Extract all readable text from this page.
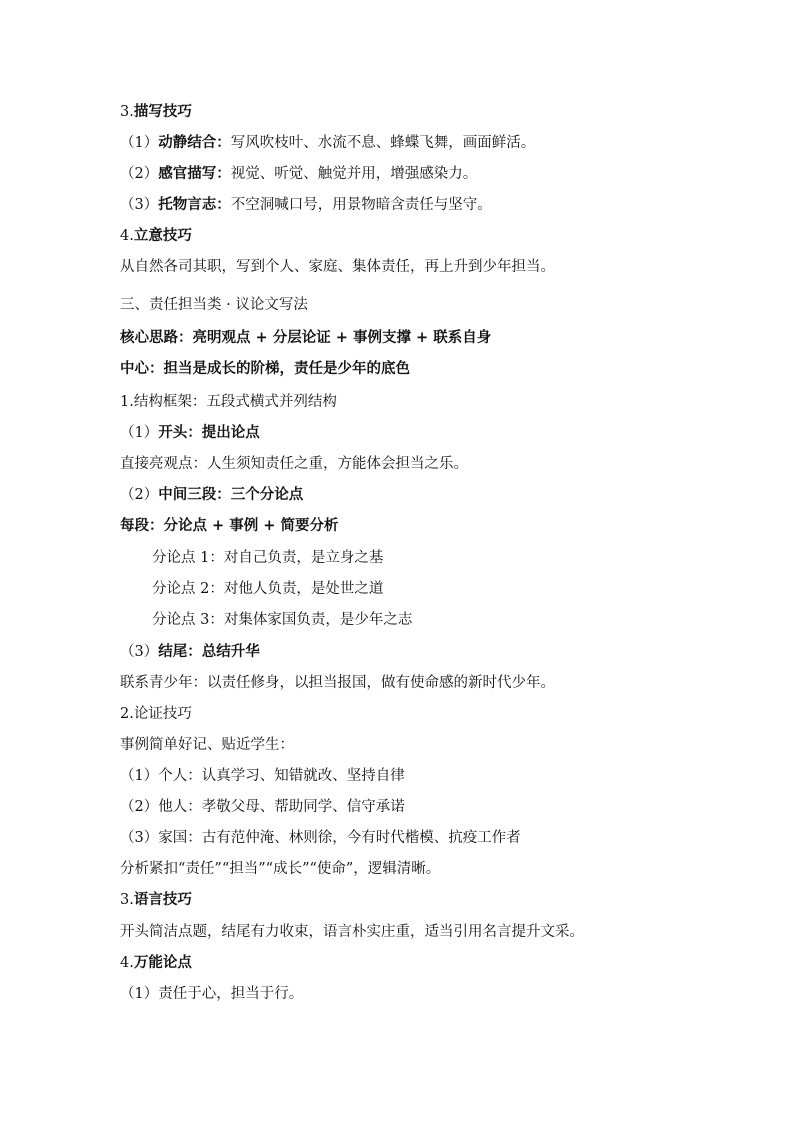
3.描写技巧
（1）动静结合：写风吹枝叶、水流不息、蜂蝶飞舞，画面鲜活。
（2）感官描写：视觉、听觉、触觉并用，增强感染力。
（3）托物言志：不空洞喊口号，用景物暗含责任与坚守。
4.立意技巧
从自然各司其职，写到个人、家庭、集体责任，再上升到少年担当。
三、责任担当类 · 议论文写法
核心思路：亮明观点 + 分层论证 + 事例支撑 + 联系自身
中心：担当是成长的阶梯，责任是少年的底色
1.结构框架：五段式横式并列结构
（1）开头：提出论点
直接亮观点：人生须知责任之重，方能体会担当之乐。
（2）中间三段：三个分论点
每段：分论点 + 事例 + 简要分析
分论点 1：对自己负责，是立身之基
分论点 2：对他人负责，是处世之道
分论点 3：对集体家国负责，是少年之志
（3）结尾：总结升华
联系青少年：以责任修身，以担当报国，做有使命感的新时代少年。
2.论证技巧
事例简单好记、贴近学生：
（1）个人：认真学习、知错就改、坚持自律
（2）他人：孝敬父母、帮助同学、信守承诺
（3）家国：古有范仲淹、林则徐，今有时代楷模、抗疫工作者
分析紧扣“责任”“担当”“成长”“使命”，逻辑清晰。
3.语言技巧
开头简洁点题，结尾有力收束，语言朴实庄重，适当引用名言提升文采。
4.万能论点
（1）责任于心，担当于行。
